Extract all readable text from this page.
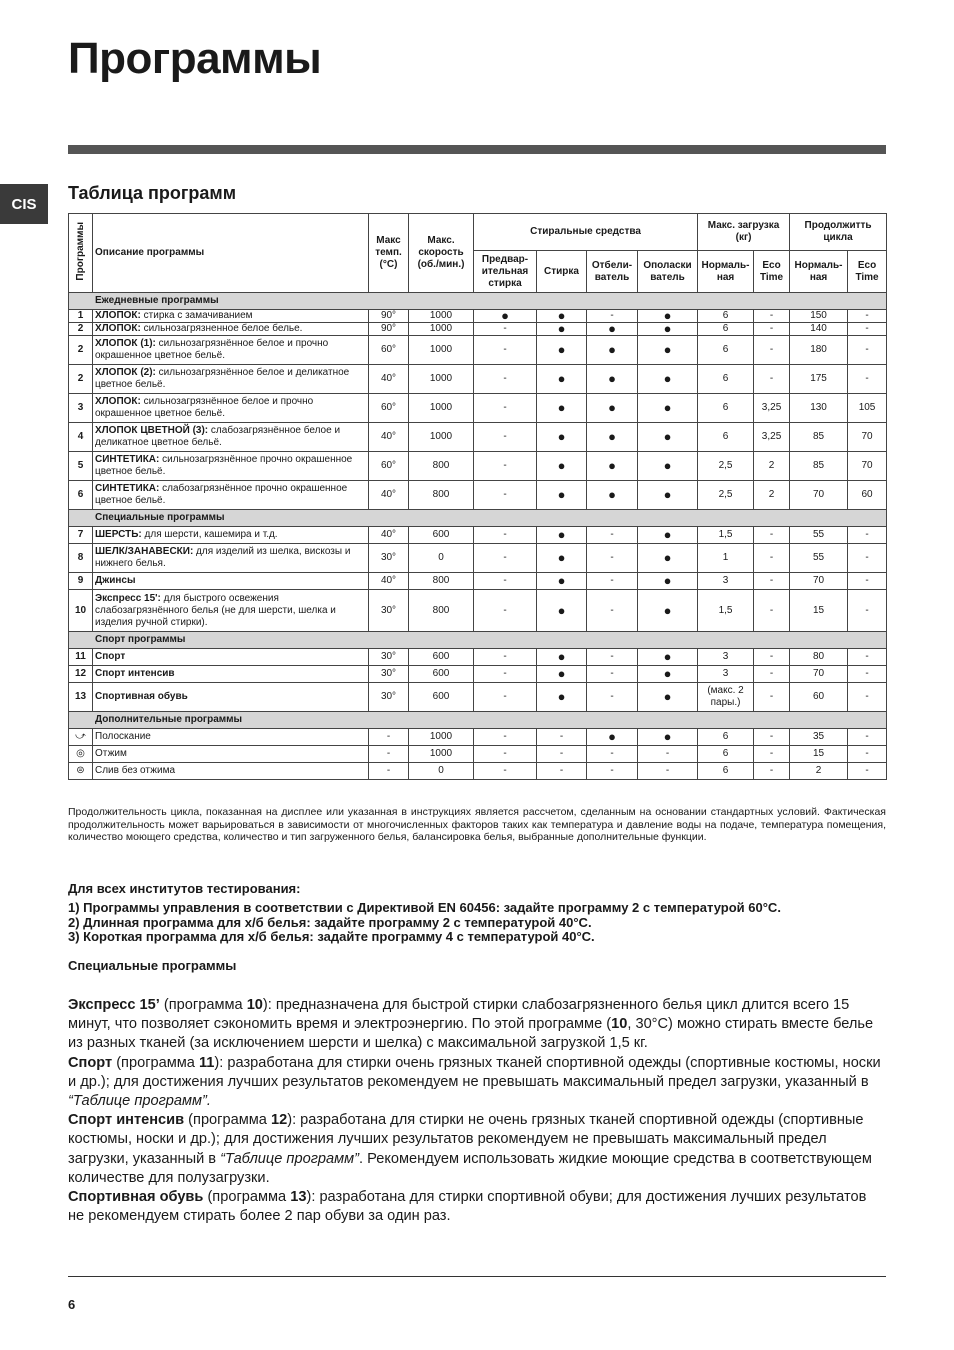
Программы
CIS
Таблица программ
Программы	Описание программы	Макс темп. (°C)	Макс. скорость (об./мин.)	Стиральные средства				Макс. загрузка (кг)		Продолжитть цикла	
				Предвар-ительная стирка	Стирка	Отбели-ватель	Ополаски ватель	Нормаль-ная	Eco Time	Нормаль-ная	Eco Time
Ежедневные программы											
1	ХЛОПОК: стирка с замачиванием	90°	1000	●	●	-	●	6	-	150	-
2	ХЛОПОК: сильнозагрязненное белое белье.	90°	1000	-	●	●	●	6	-	140	-
2	ХЛОПОК (1): сильнозагрязнённое белое и прочно окрашенное цветное бельё.	60°	1000	-	●	●	●	6	-	180	-
2	ХЛОПОК (2): сильнозагрязнённое белое и деликатное цветное бельё.	40°	1000	-	●	●	●	6	-	175	-
3	ХЛОПОК: сильнозагрязнённое белое и прочно окрашенное цветное бельё.	60°	1000	-	●	●	●	6	3,25	130	105
4	ХЛОПОК ЦВЕТНОЙ (3): слабозагрязнённое белое и деликатное цветное бельё.	40°	1000	-	●	●	●	6	3,25	85	70
5	СИНТЕТИКА: сильнозагрязнённое прочно окрашенное цветное бельё.	60°	800	-	●	●	●	2,5	2	85	70
6	СИНТЕТИКА: слабозагрязнённое прочно окрашенное цветное бельё.	40°	800	-	●	●	●	2,5	2	70	60
Специальные программы											
7	ШЕРСТЬ: для шерсти, кашемира и т.д.	40°	600	-	●	-	●	1,5	-	55	-
8	ШЕЛК/ЗАНАВЕСКИ: для изделий из шелка, вискозы и нижнего белья.	30°	0	-	●	-	●	1	-	55	-
9	Джинсы	40°	800	-	●	-	●	3	-	70	-
10	Экспресс 15': для быстрого освежения слабозагрязнённого белья (не для шерсти, шелка и изделия ручной стирки).	30°	800	-	●	-	●	1,5	-	15	-
Спорт программы											
11	Спорт	30°	600	-	●	-	●	3	-	80	-
12	Спорт интенсив	30°	600	-	●	-	●	3	-	70	-
13	Спортивная обувь	30°	600	-	●	-	●	(макс. 2 пары.)	-	60	-
Дополнительные программы											
⤻	Полоскание	-	1000	-	-	●	●	6	-	35	-
◎	Отжим	-	1000	-	-	-	-	6	-	15	-
⊜	Слив без отжима	-	0	-	-	-	-	6	-	2	-

Продолжительность цикла, показанная на дисплее или указанная в инструкциях является рассчетом, сделанным на основании стандартных условий. Фактическая продолжительность может варьироваться в зависимости от многочисленных факторов таких как температура и давление воды на подаче, температура помещения, количество моющего средства, количество и тип загруженного белья, балансировка белья, выбранные дополнительные функции.

Для всех институтов тестирования:

1) Программы управления в соответствии с Директивой EN 60456: задайте программу 2 с температурой 60°C.
2) Длинная программа для х/б белья: задайте программу 2 с температурой 40°C.
3) Короткая программа для х/б белья: задайте программу 4 с температурой 40°C.

Специальные программы

Экспресс 15’ (программа 10): предназначена для быстрой стирки слабозагрязненного белья цикл длится всего 15 минут, что позволяет сэкономить время и электроэнергию. По этой программе (10, 30°C) можно стирать вместе белье из разных тканей (за исключением шерсти и шелка) с максимальной загрузкой 1,5 кг.

Спорт (программа 11): разработана для стирки очень грязных тканей спортивной одежды (спортивные костюмы, носки и др.); для достижения лучших результатов рекомендуем не превышать максимальный предел загрузки, указанный в “Таблице программ”.

Спорт интенсив (программа 12): разработана для стирки не очень грязных тканей спортивной одежды (спортивные костюмы, носки и др.); для достижения лучших результатов рекомендуем не превышать максимальный предел загрузки, указанный в “Таблице программ”. Рекомендуем использовать жидкие моющие средства в соответствующем количестве для полузагрузки.

Спортивная обувь (программа 13): разработана для стирки спортивной обуви; для достижения лучших результатов не рекомендуем стирать более 2 пар обуви за один раз.

6
